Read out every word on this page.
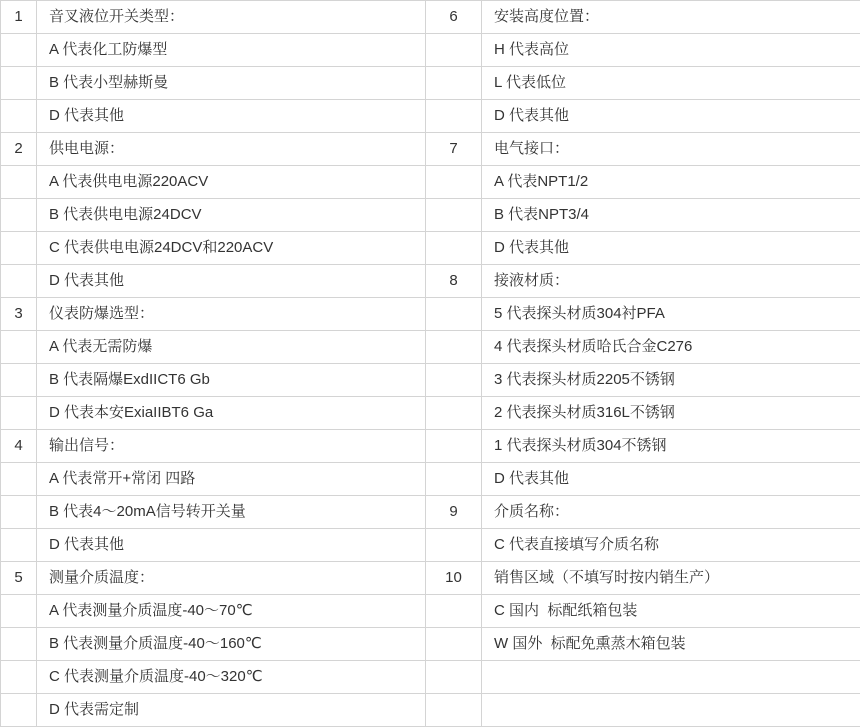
1	音叉液位开关类型：	6	安装高度位置：
	A 代表化工防爆型		H 代表高位
	B 代表小型赫斯曼		L 代表低位
	D 代表其他		D 代表其他
2	供电电源：	7	电气接口：
	A 代表供电电源220ACV		A 代表NPT1/2
	B 代表供电电源24DCV		B 代表NPT3/4
	C 代表供电电源24DCV和220ACV		D 代表其他
	D 代表其他	8	接液材质：
3	仪表防爆选型：		5 代表探头材质304衬PFA
	A 代表无需防爆		4 代表探头材质哈氏合金C276
	B 代表隔爆ExdIICT6 Gb		3 代表探头材质2205不锈钢
	D 代表本安ExiaIIBT6 Ga		2 代表探头材质316L不锈钢
4	输出信号：		1 代表探头材质304不锈钢
	A 代表常开+常闭 四路		D 代表其他
	B 代表4～20mA信号转开关量	9	介质名称：
	D 代表其他		C 代表直接填写介质名称
5	测量介质温度：	10	销售区域（不填写时按内销生产）
	A 代表测量介质温度-40～70℃		C 国内  标配纸箱包装
	B 代表测量介质温度-40～160℃		W 国外  标配免熏蒸木箱包装
	C 代表测量介质温度-40～320℃		
	D 代表需定制		
